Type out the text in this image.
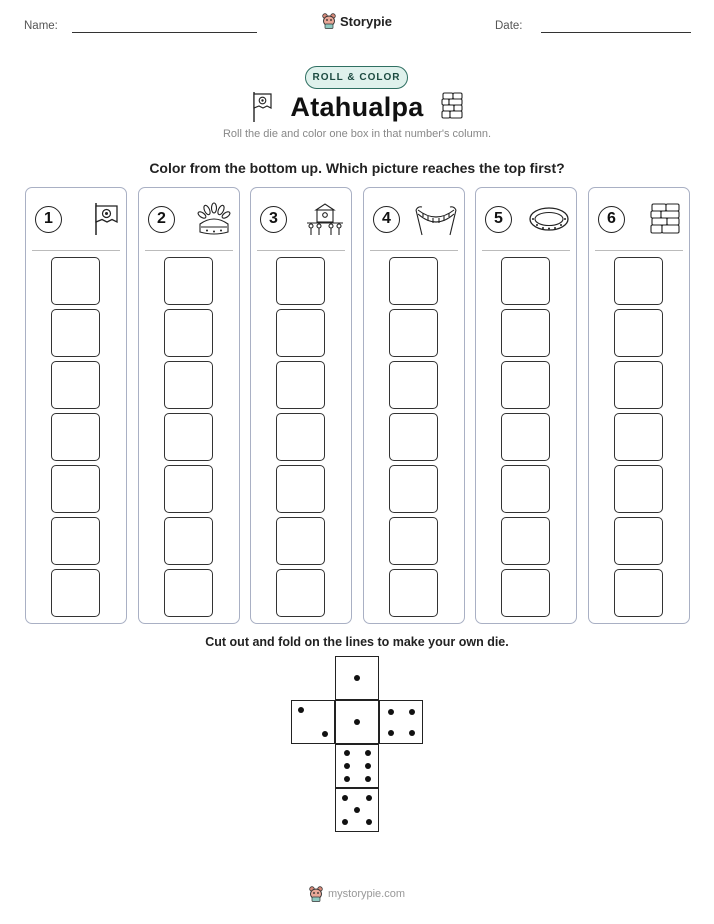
Name:	Storypie	Date:
ROLL & COLOR
Atahualpa
Roll the die and color one box in that number's column.
Color from the bottom up. Which picture reaches the top first?
1	2	3	4	5	6
Cut out and fold on the lines to make your own die.
mystorypie.com
